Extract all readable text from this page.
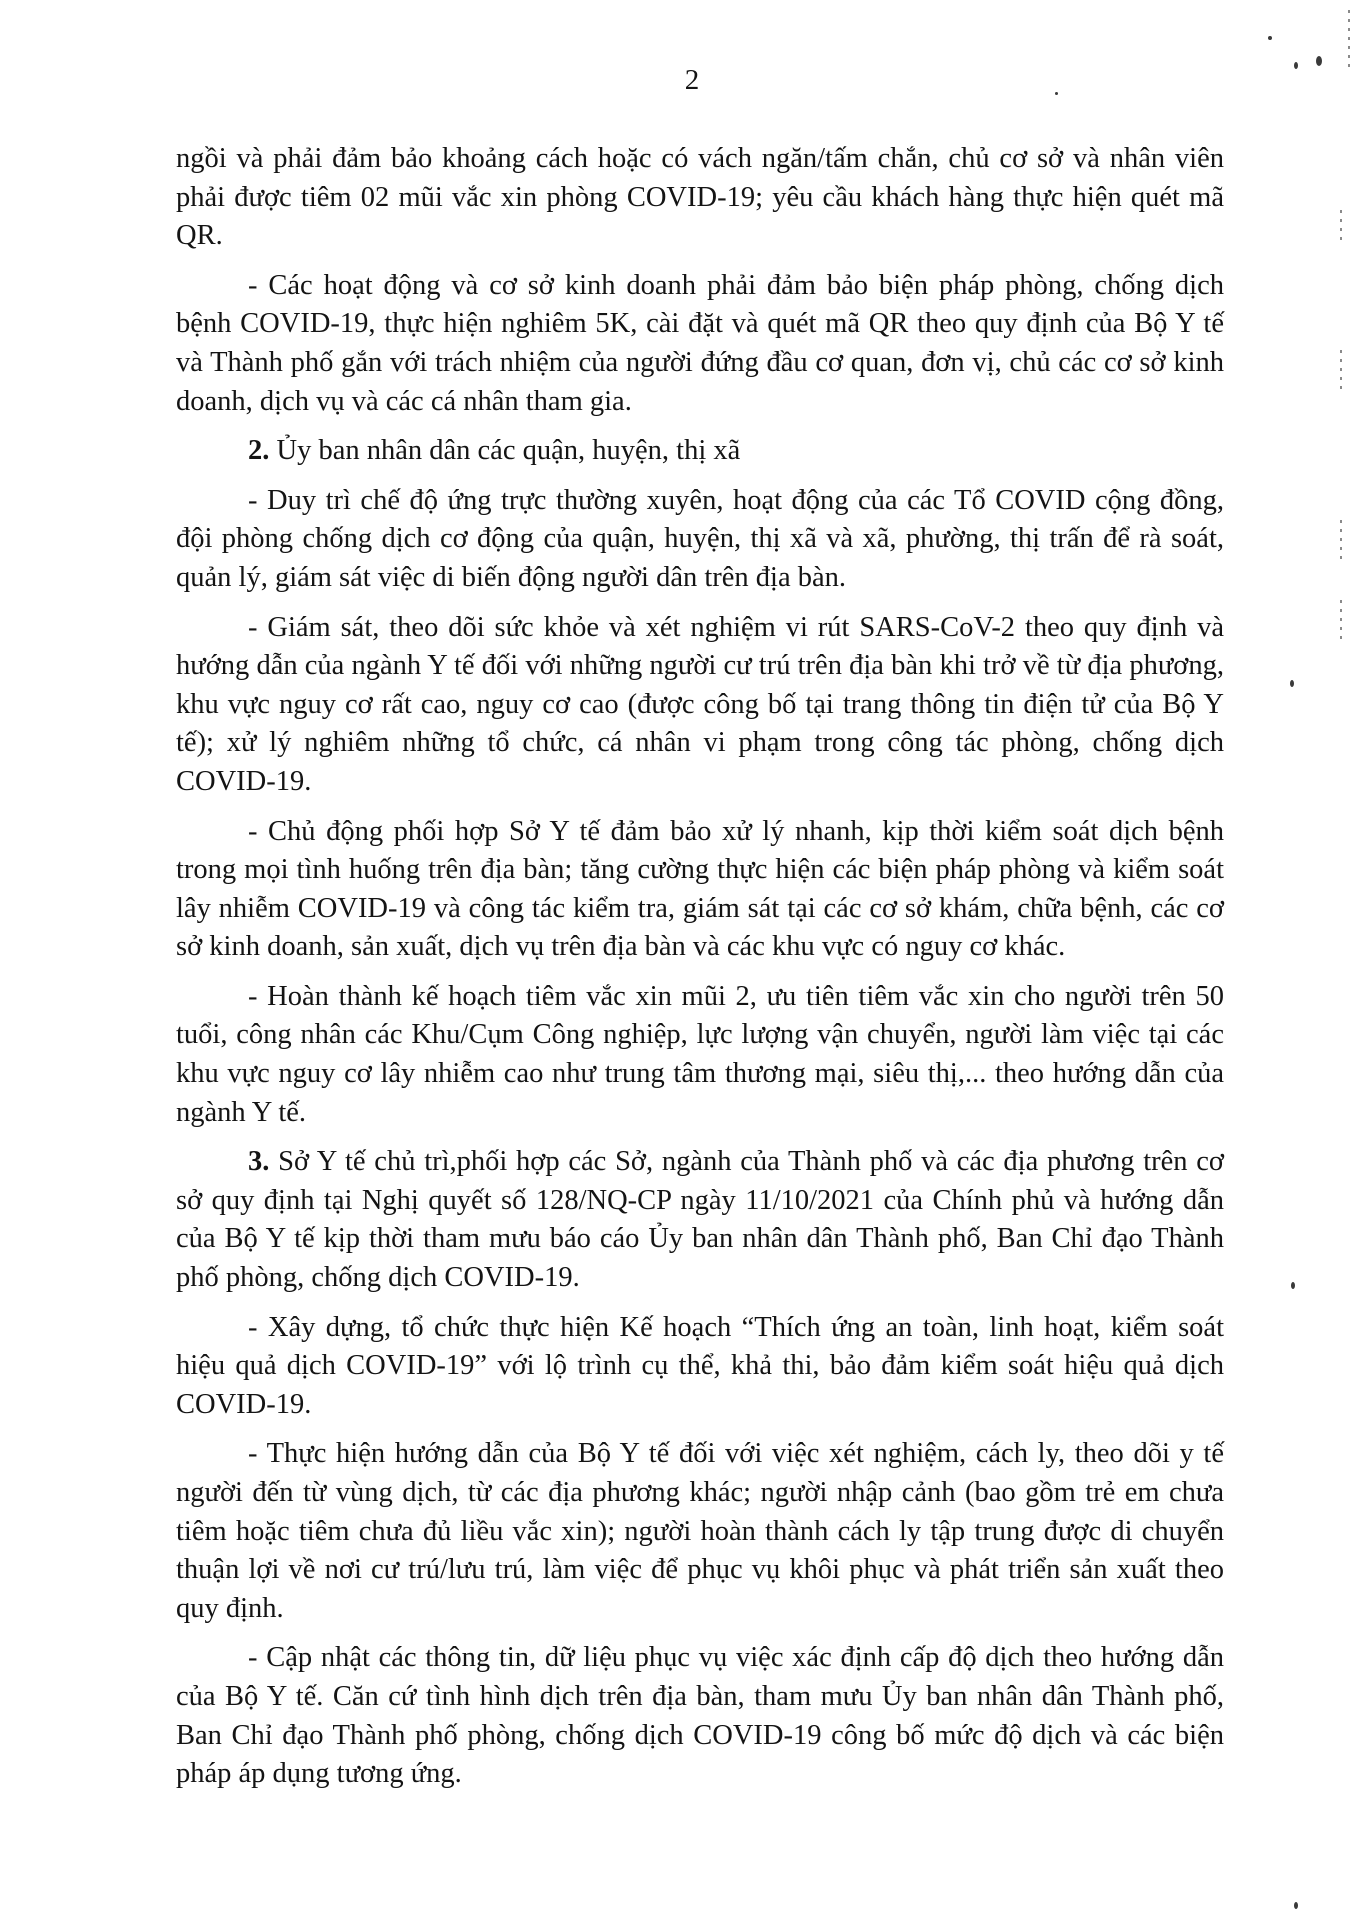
2

ngồi và phải đảm bảo khoảng cách hoặc có vách ngăn/tấm chắn, chủ cơ sở và nhân viên phải được tiêm 02 mũi vắc xin phòng COVID-19; yêu cầu khách hàng thực hiện quét mã QR.

- Các hoạt động và cơ sở kinh doanh phải đảm bảo biện pháp phòng, chống dịch bệnh COVID-19, thực hiện nghiêm 5K, cài đặt và quét mã QR theo quy định của Bộ Y tế và Thành phố gắn với trách nhiệm của người đứng đầu cơ quan, đơn vị, chủ các cơ sở kinh doanh, dịch vụ và các cá nhân tham gia.

2. Ủy ban nhân dân các quận, huyện, thị xã

- Duy trì chế độ ứng trực thường xuyên, hoạt động của các Tổ COVID cộng đồng, đội phòng chống dịch cơ động của quận, huyện, thị xã và xã, phường, thị trấn để rà soát, quản lý, giám sát việc di biến động người dân trên địa bàn.

- Giám sát, theo dõi sức khỏe và xét nghiệm vi rút SARS-CoV-2 theo quy định và hướng dẫn của ngành Y tế đối với những người cư trú trên địa bàn khi trở về từ địa phương, khu vực nguy cơ rất cao, nguy cơ cao (được công bố tại trang thông tin điện tử của Bộ Y tế); xử lý nghiêm những tổ chức, cá nhân vi phạm trong công tác phòng, chống dịch COVID-19.

- Chủ động phối hợp Sở Y tế đảm bảo xử lý nhanh, kịp thời kiểm soát dịch bệnh trong mọi tình huống trên địa bàn; tăng cường thực hiện các biện pháp phòng và kiểm soát lây nhiễm COVID-19 và công tác kiểm tra, giám sát tại các cơ sở khám, chữa bệnh, các cơ sở kinh doanh, sản xuất, dịch vụ trên địa bàn và các khu vực có nguy cơ khác.

- Hoàn thành kế hoạch tiêm vắc xin mũi 2, ưu tiên tiêm vắc xin cho người trên 50 tuổi, công nhân các Khu/Cụm Công nghiệp, lực lượng vận chuyển, người làm việc tại các khu vực nguy cơ lây nhiễm cao như trung tâm thương mại, siêu thị,... theo hướng dẫn của ngành Y tế.

3. Sở Y tế chủ trì,phối hợp các Sở, ngành của Thành phố và các địa phương trên cơ sở quy định tại Nghị quyết số 128/NQ-CP ngày 11/10/2021 của Chính phủ và hướng dẫn của Bộ Y tế kịp thời tham mưu báo cáo Ủy ban nhân dân Thành phố, Ban Chỉ đạo Thành phố phòng, chống dịch COVID-19.

- Xây dựng, tổ chức thực hiện Kế hoạch “Thích ứng an toàn, linh hoạt, kiểm soát hiệu quả dịch COVID-19” với lộ trình cụ thể, khả thi, bảo đảm kiểm soát hiệu quả dịch COVID-19.

- Thực hiện hướng dẫn của Bộ Y tế đối với việc xét nghiệm, cách ly, theo dõi y tế người đến từ vùng dịch, từ các địa phương khác; người nhập cảnh (bao gồm trẻ em chưa tiêm hoặc tiêm chưa đủ liều vắc xin); người hoàn thành cách ly tập trung được di chuyển thuận lợi về nơi cư trú/lưu trú, làm việc để phục vụ khôi phục và phát triển sản xuất theo quy định.

- Cập nhật các thông tin, dữ liệu phục vụ việc xác định cấp độ dịch theo hướng dẫn của Bộ Y tế. Căn cứ tình hình dịch trên địa bàn, tham mưu Ủy ban nhân dân Thành phố, Ban Chỉ đạo Thành phố phòng, chống dịch COVID-19 công bố mức độ dịch và các biện pháp áp dụng tương ứng.
